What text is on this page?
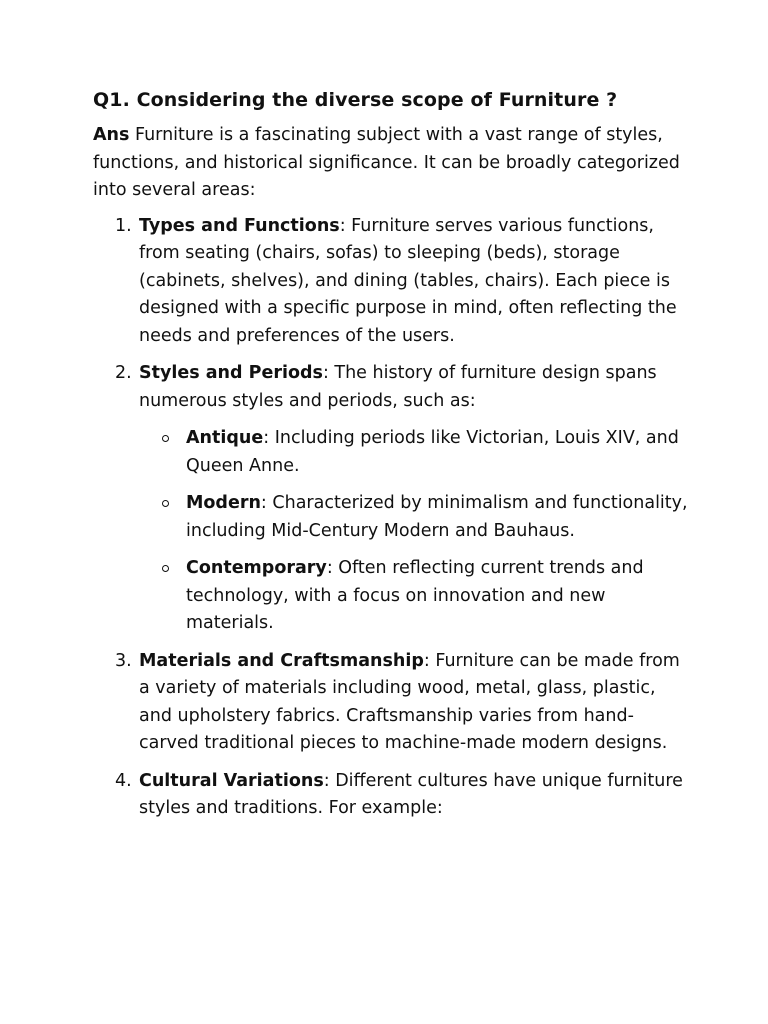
Q1. Considering the diverse scope of Furniture ?

Ans Furniture is a fascinating subject with a vast range of styles, functions, and historical significance. It can be broadly categorized into several areas:

1. Types and Functions: Furniture serves various functions, from seating (chairs, sofas) to sleeping (beds), storage (cabinets, shelves), and dining (tables, chairs). Each piece is designed with a specific purpose in mind, often reflecting the needs and preferences of the users.
2. Styles and Periods: The history of furniture design spans numerous styles and periods, such as:
Antique: Including periods like Victorian, Louis XIV, and Queen Anne.
Modern: Characterized by minimalism and functionality, including Mid-Century Modern and Bauhaus.
Contemporary: Often reflecting current trends and technology, with a focus on innovation and new materials.
3. Materials and Craftsmanship: Furniture can be made from a variety of materials including wood, metal, glass, plastic, and upholstery fabrics. Craftsmanship varies from hand-carved traditional pieces to machine-made modern designs.
4. Cultural Variations: Different cultures have unique furniture styles and traditions. For example:
